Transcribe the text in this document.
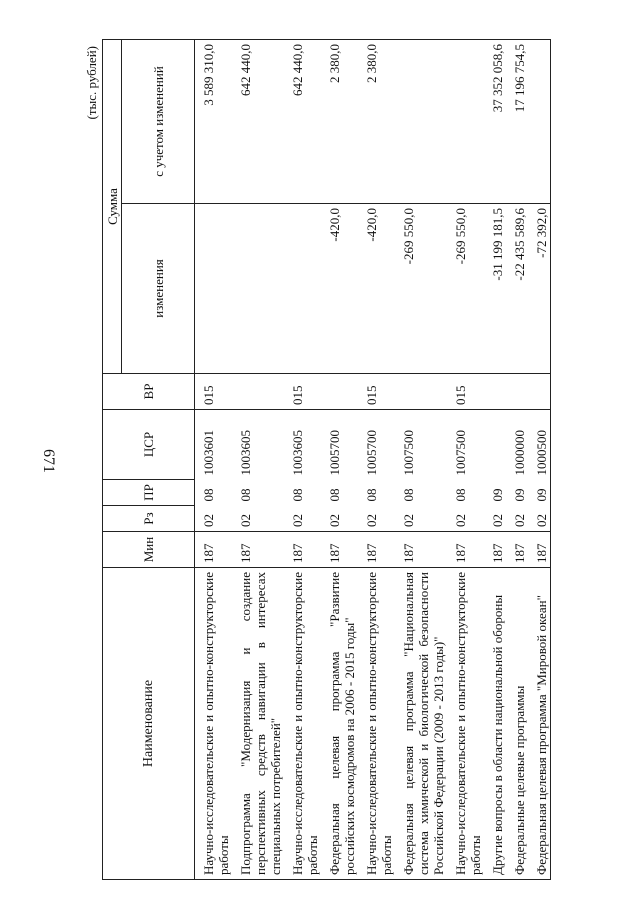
671
(тыс. рублей)
Наименование	Мин	Рз	ПР	ЦСР	ВР	Сумма	
						изменения	с учетом изменений
Научно-исследовательские и опытно-конструкторские работы	187	02	08	1003601	015		3 589 310,0
Подпрограмма "Модернизация и создание перспективных средств навигации в интересах специальных потребителей"	187	02	08	1003605			642 440,0
Научно-исследовательские и опытно-конструкторские работы	187	02	08	1003605	015		642 440,0
Федеральная целевая программа "Развитие российских космодромов на 2006 - 2015 годы"	187	02	08	1005700		-420,0	2 380,0
Научно-исследовательские и опытно-конструкторские работы	187	02	08	1005700	015	-420,0	2 380,0
Федеральная целевая программа "Национальная система химической и биологической безопасности Российской Федерации (2009 - 2013 годы)"	187	02	08	1007500		-269 550,0	
Научно-исследовательские и опытно-конструкторские работы	187	02	08	1007500	015	-269 550,0	
Другие вопросы в области национальной обороны	187	02	09			-31 199 181,5	37 352 058,6
Федеральные целевые программы	187	02	09	1000000		-22 435 589,6	17 196 754,5
Федеральная целевая программа "Мировой океан"	187	02	09	1000500		-72 392,0	
